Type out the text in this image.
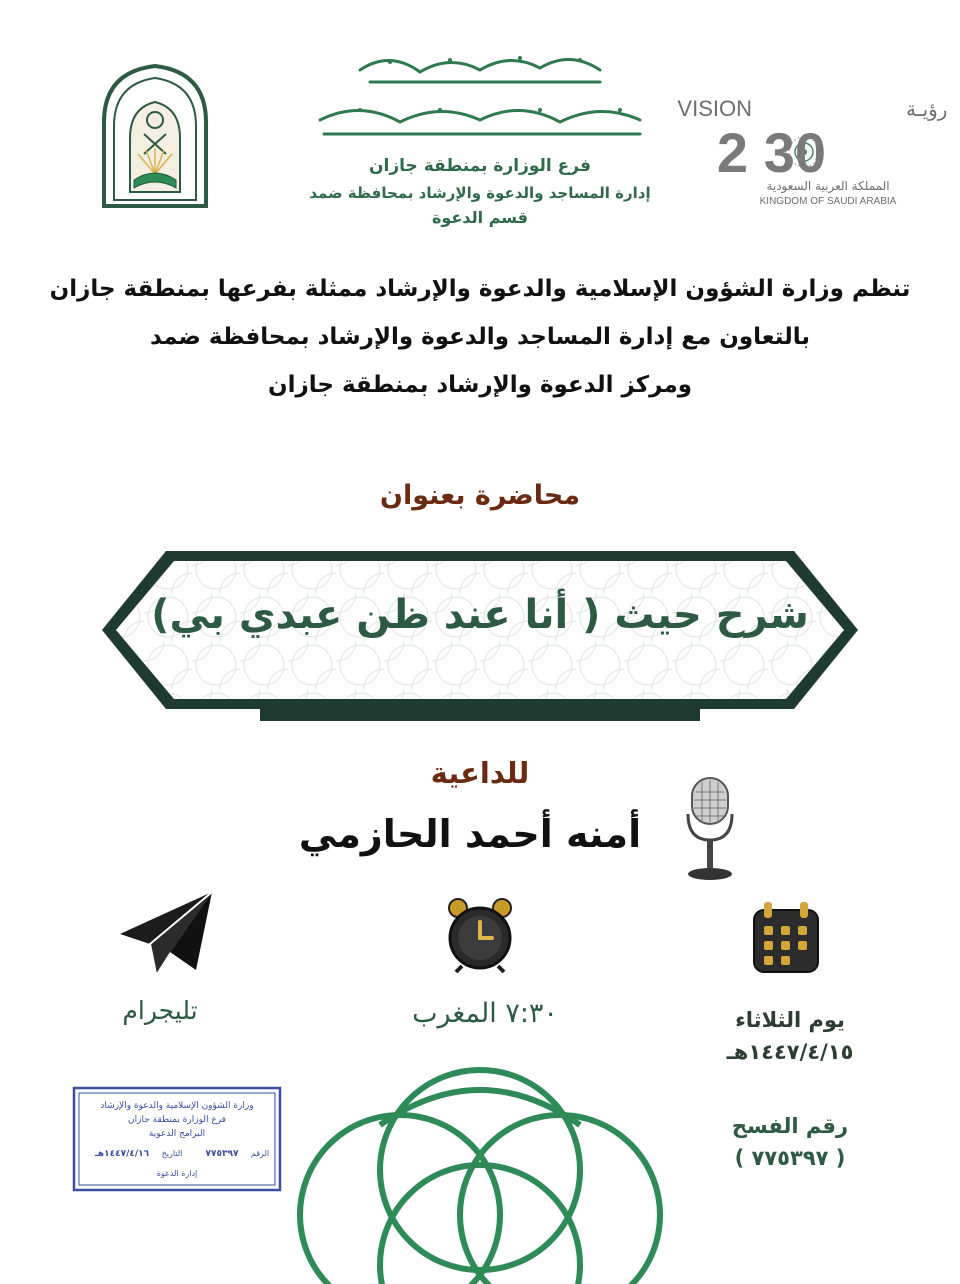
فرع الوزارة بمنطقة جازان
إدارة المساجد والدعوة والإرشاد بمحافظة ضمد
قسم الدعوة
VISION	رؤيـة
2 30
المملكة العربية السعودية
KINGDOM OF SAUDI ARABIA
تنظم وزارة الشؤون الإسلامية والدعوة والإرشاد ممثلة بفرعها بمنطقة جازان
بالتعاون مع إدارة المساجد والدعوة والإرشاد بمحافظة ضمد
ومركز الدعوة والإرشاد بمنطقة جازان
محاضرة بعنوان
شرح حيث ( أنا عند ظن عبدي بي)
للداعية
أمنه أحمد الحازمي
تليجرام	٧:٣٠ المغرب	يوم الثلاثاء
١٤٤٧/٤/١٥هـ
رقم الفسح
( ٧٧٥٣٩٧ )
وزارة الشؤون الإسلامية والدعوة والإرشاد
فرع الوزارة بمنطقة جازان
البرامج الدعوية
الرقم
٧٧٥٣٩٧
التاريخ
١٤٤٧/٤/١٦هـ
إدارة الدعوة
